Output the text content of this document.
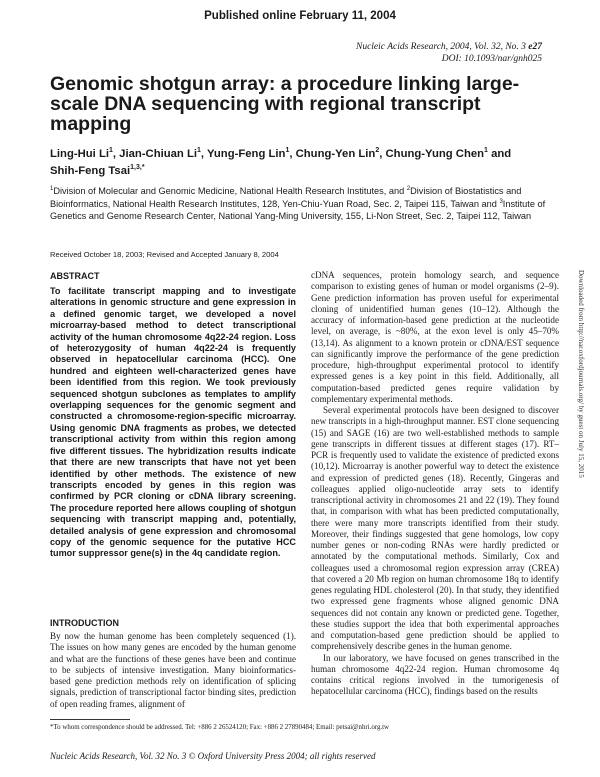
Published online February 11, 2004
Nucleic Acids Research, 2004, Vol. 32, No. 3 e27
DOI: 10.1093/nar/gnh025
Genomic shotgun array: a procedure linking large-scale DNA sequencing with regional transcript mapping
Ling-Hui Li$^1$, Jian-Chiuan Li$^1$, Yung-Feng Lin$^1$, Chung-Yen Lin$^2$, Chung-Yung Chen$^1$ and Shih-Feng Tsai$^{1,3,*}$
$^1$Division of Molecular and Genomic Medicine, National Health Research Institutes, and $^2$Division of Biostatistics and Bioinformatics, National Health Research Institutes, 128, Yen-Chiu-Yuan Road, Sec. 2, Taipei 115, Taiwan and $^3$Institute of Genetics and Genome Research Center, National Yang-Ming University, 155, Li-Non Street, Sec. 2, Taipei 112, Taiwan
Received October 18, 2003; Revised and Accepted January 8, 2004
ABSTRACT
To facilitate transcript mapping and to investigate alterations in genomic structure and gene expression in a defined genomic target, we developed a novel microarray-based method to detect transcriptional activity of the human chromosome 4q22-24 region. Loss of heterozygosity of human 4q22-24 is frequently observed in hepatocellular carcinoma (HCC). One hundred and eighteen well-characterized genes have been identified from this region. We took previously sequenced shotgun subclones as templates to amplify overlapping sequences for the genomic segment and constructed a chromosome-region-specific microarray. Using genomic DNA fragments as probes, we detected transcriptional activity from within this region among five different tissues. The hybridization results indicate that there are new transcripts that have not yet been identified by other methods. The existence of new transcripts encoded by genes in this region was confirmed by PCR cloning or cDNA library screening. The procedure reported here allows coupling of shotgun sequencing with transcript mapping and, potentially, detailed analysis of gene expression and chromosomal copy of the genomic sequence for the putative HCC tumor suppressor gene(s) in the 4q candidate region.
INTRODUCTION
By now the human genome has been completely sequenced (1). The issues on how many genes are encoded by the human genome and what are the functions of these genes have been and continue to be subjects of intensive investigation. Many bioinformatics-based gene prediction methods rely on identification of splicing signals, prediction of transcriptional factor binding sites, prediction of open reading frames, alignment of

cDNA sequences, protein homology search, and sequence comparison to existing genes of human or model organisms (2–9). Gene prediction information has proven useful for experimental cloning of unidentified human genes (10–12). Although the accuracy of information-based gene prediction at the nucleotide level, on average, is ~80%, at the exon level is only 45–70% (13,14). As alignment to a known protein or cDNA/EST sequence can significantly improve the performance of the gene prediction procedure, high-throughput experimental protocol to identify expressed genes is a key point in this field. Additionally, all computation-based predicted genes require validation by complementary experimental methods.

Several experimental protocols have been designed to discover new transcripts in a high-throughput manner. EST clone sequencing (15) and SAGE (16) are two well-established methods to sample gene transcripts in different tissues at different stages (17). RT–PCR is frequently used to validate the existence of predicted exons (10,12). Microarray is another powerful way to detect the existence and expression of predicted genes (18). Recently, Gingeras and colleagues applied oligo-nucleotide array sets to identify transcriptional activity in chromosomes 21 and 22 (19). They found that, in comparison with what has been predicted computationally, there were many more transcripts identified from their study. Moreover, their findings suggested that gene homologs, low copy number genes or non-coding RNAs were hardly predicted or annotated by the computational methods. Similarly, Cox and colleagues used a chromosomal region expression array (CREA) that covered a 20 Mb region on human chromosome 18q to identify genes regulating HDL cholesterol (20). In that study, they identified two expressed gene fragments whose aligned genomic DNA sequences did not contain any known or predicted gene. Together, these studies support the idea that both experimental approaches and computation-based gene prediction should be applied to comprehensively describe genes in the human genome.

In our laboratory, we have focused on genes transcribed in the human chromosome 4q22-24 region. Human chromosome 4q contains critical regions involved in the tumorigenesis of hepatocellular carcinoma (HCC), findings based on the results

Downloaded from http://nar.oxfordjournals.org/ by guest on July 15, 2015
*To whom correspondence should be addressed. Tel: +886 2 26524120; Fax: +886 2 27890484; Email: petsai@nhri.org.tw
Nucleic Acids Research, Vol. 32 No. 3 © Oxford University Press 2004; all rights reserved
